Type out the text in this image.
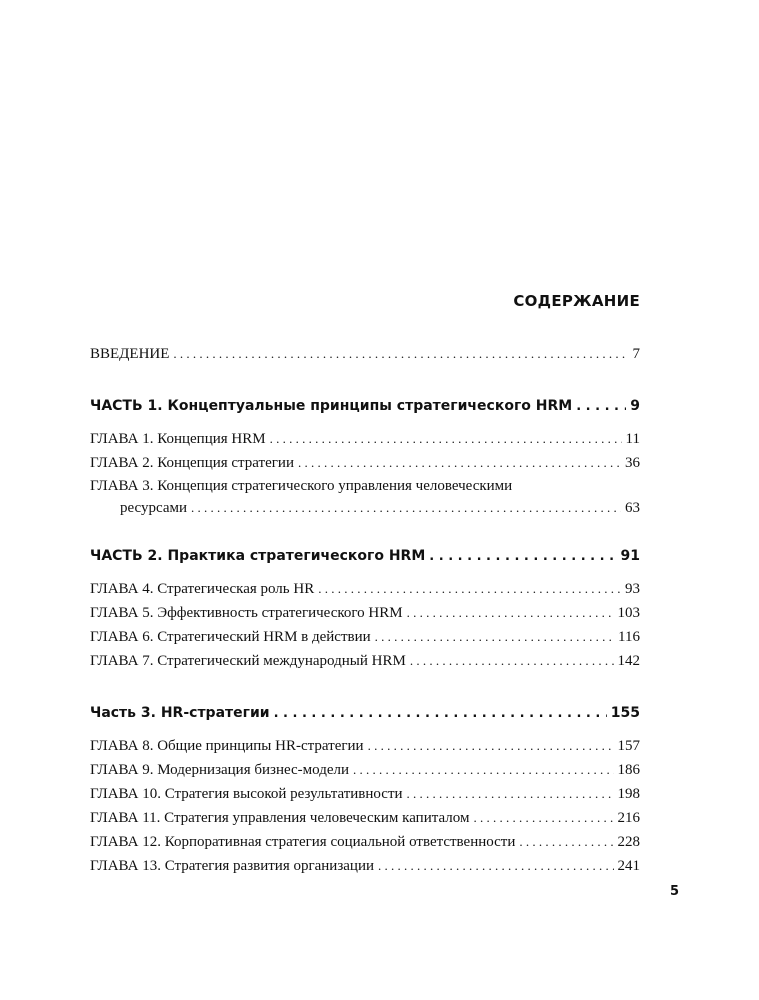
СОДЕРЖАНИЕ
ВВЕДЕНИЕ . . .	7
ЧАСТЬ 1. Концептуальные принципы стратегического HRM . . .	9
ГЛАВА 1. Концепция HRM . . .	11
ГЛАВА 2. Концепция стратегии . . .	36
ГЛАВА 3. Концепция стратегического управления человеческими
ресурсами . . .	63
ЧАСТЬ 2. Практика стратегического HRM . . .	91
ГЛАВА 4. Стратегическая роль HR . . .	93
ГЛАВА 5. Эффективность стратегического HRM . . .	103
ГЛАВА 6. Стратегический HRM в действии . . .	116
ГЛАВА 7. Стратегический международный HRM . . .	142
Часть 3. HR-стратегии . . .	155
ГЛАВА 8. Общие принципы HR-стратегии . . .	157
ГЛАВА 9. Модернизация бизнес-модели . . .	186
ГЛАВА 10. Стратегия высокой результативности . . .	198
ГЛАВА 11. Стратегия управления человеческим капиталом . . .	216
ГЛАВА 12. Корпоративная стратегия социальной ответственности . . .	228
ГЛАВА 13. Стратегия развития организации . . .	241
5
